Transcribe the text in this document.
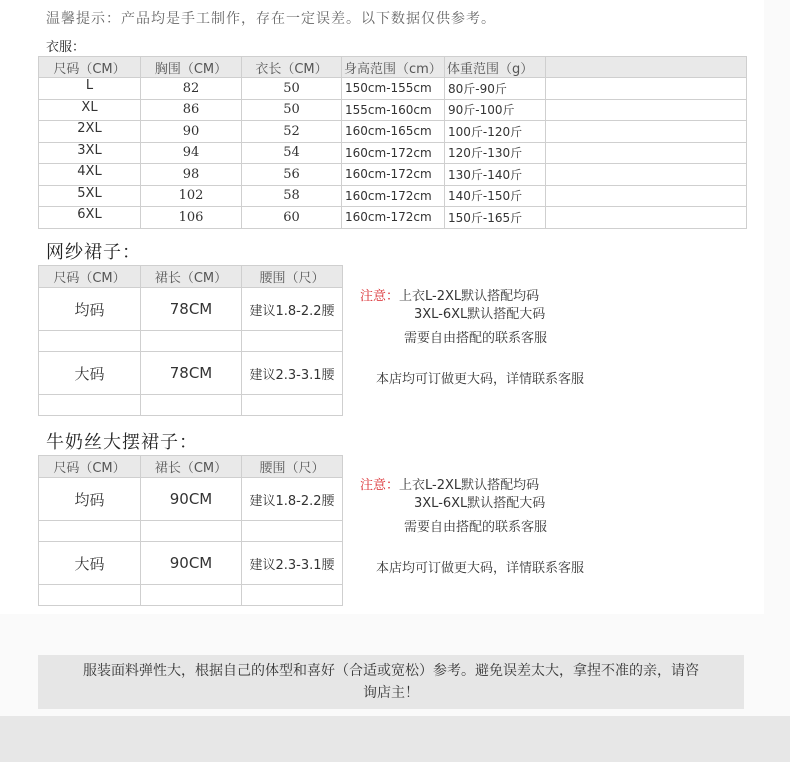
温馨提示：产品均是手工制作，存在一定误差。以下数据仅供参考。
衣服：
尺码（CM）	胸围（CM）	衣长（CM）	身高范围（cm）	体重范围（g）	
L	82	50	150cm-155cm	80斤-90斤	
XL	86	50	155cm-160cm	90斤-100斤	
2XL	90	52	160cm-165cm	100斤-120斤	
3XL	94	54	160cm-172cm	120斤-130斤	
4XL	98	56	160cm-172cm	130斤-140斤	
5XL	102	58	160cm-172cm	140斤-150斤	
6XL	106	60	160cm-172cm	150斤-165斤	
网纱裙子：
尺码（CM）	裙长（CM）	腰围（尺）
均码	78CM	建议1.8-2.2腰

大码	78CM	建议2.3-3.1腰

注意：上衣L-2XL默认搭配均码
3XL-6XL默认搭配大码
需要自由搭配的联系客服
本店均可订做更大码，详情联系客服
牛奶丝大摆裙子：
尺码（CM）	裙长（CM）	腰围（尺）
均码	90CM	建议1.8-2.2腰

大码	90CM	建议2.3-3.1腰

注意：上衣L-2XL默认搭配均码
3XL-6XL默认搭配大码
需要自由搭配的联系客服
本店均可订做更大码，详情联系客服
服装面料弹性大，根据自己的体型和喜好（合适或宽松）参考。避免误差太大，拿捏不准的亲，请咨
询店主！
